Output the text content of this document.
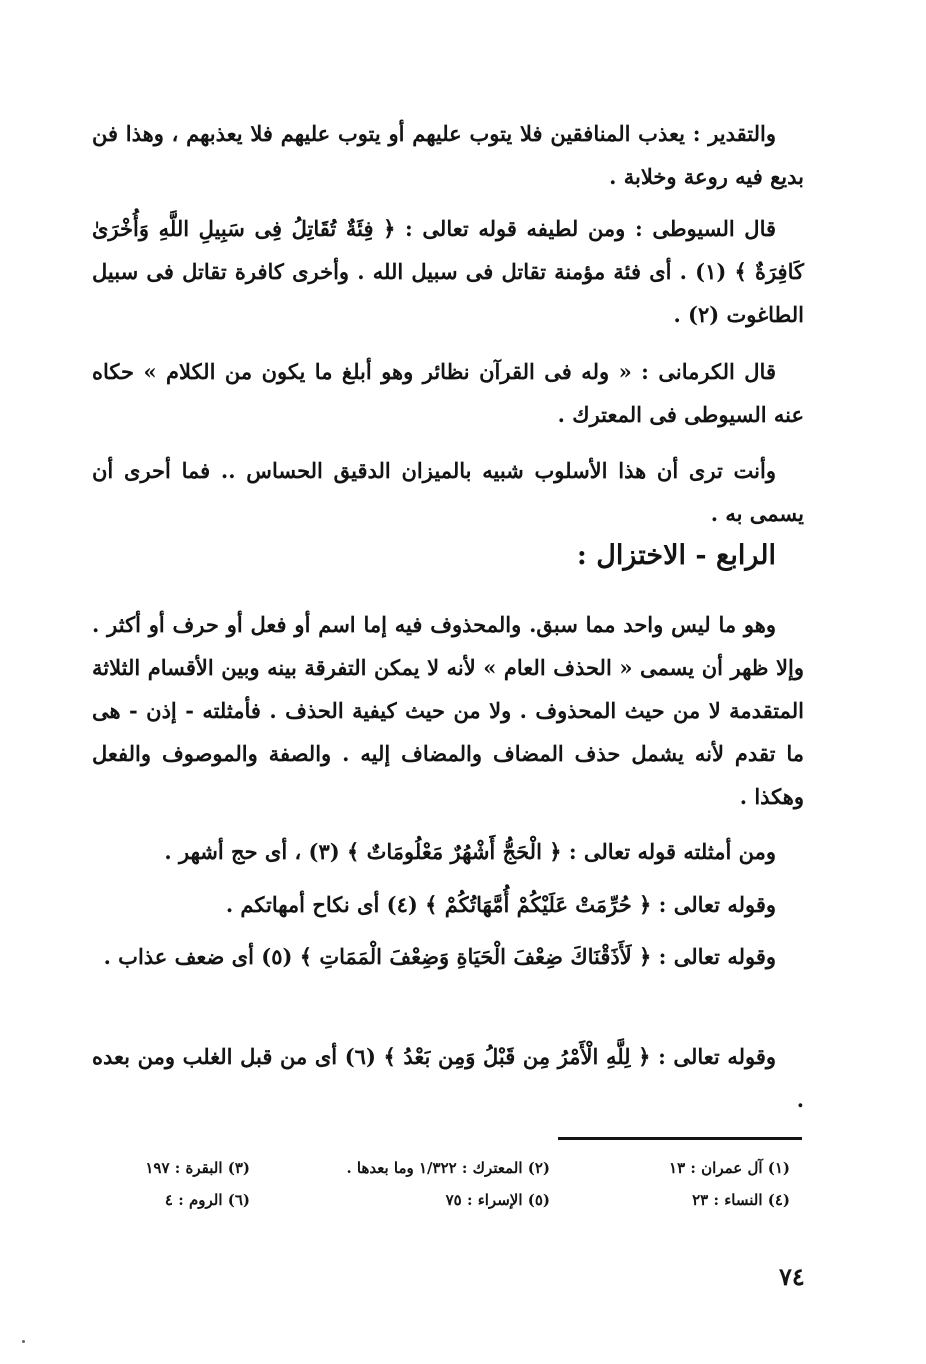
والتقدير : يعذب المنافقين فلا يتوب عليهم أو يتوب عليهم فلا يعذبهم ، وهذا فن بديع فيه روعة وخلابة .

قال السيوطى : ومن لطيفه قوله تعالى : ﴿ فِئَةٌ تُقَاتِلُ فِى سَبِيلِ اللَّهِ وَأُخْرَىٰ كَافِرَةٌ ﴾ (١) . أى فئة مؤمنة تقاتل فى سبيل الله . وأخرى كافرة تقاتل فى سبيل الطاغوت (٢) .

قال الكرمانى : « وله فى القرآن نظائر وهو أبلغ ما يكون من الكلام » حكاه عنه السيوطى فى المعترك .

وأنت ترى أن هذا الأسلوب شبيه بالميزان الدقيق الحساس .. فما أحرى أن يسمى به .

الرابع - الاختزال :

وهو ما ليس واحد مما سبق. والمحذوف فيه إما اسم أو فعل أو حرف أو أكثر . وإلا ظهر أن يسمى « الحذف العام » لأنه لا يمكن التفرقة بينه وبين الأقسام الثلاثة المتقدمة لا من حيث المحذوف . ولا من حيث كيفية الحذف . فأمثلته - إذن - هى ما تقدم لأنه يشمل حذف المضاف والمضاف إليه . والصفة والموصوف والفعل وهكذا .

ومن أمثلته قوله تعالى : ﴿ الْحَجُّ أَشْهُرٌ مَعْلُومَاتٌ ﴾ (٣) ، أى حج أشهر .

وقوله تعالى : ﴿ حُرِّمَتْ عَلَيْكُمْ أُمَّهَاتُكُمْ ﴾ (٤) أى نكاح أمهاتكم .

وقوله تعالى : ﴿ لَأَذَقْنَاكَ ضِعْفَ الْحَيَاةِ وَضِعْفَ الْمَمَاتِ ﴾ (٥) أى ضعف عذاب .

وقوله تعالى : ﴿ لِلَّهِ الْأَمْرُ مِن قَبْلُ وَمِن بَعْدُ ﴾ (٦) أى من قبل الغلب ومن بعده .

(١) آل عمران : ١٣
(٢) المعترك : ١/٣٢٢ وما بعدها .
(٣) البقرة : ١٩٧
(٤) النساء : ٢٣
(٥) الإسراء : ٧٥
(٦) الروم : ٤
٧٤
